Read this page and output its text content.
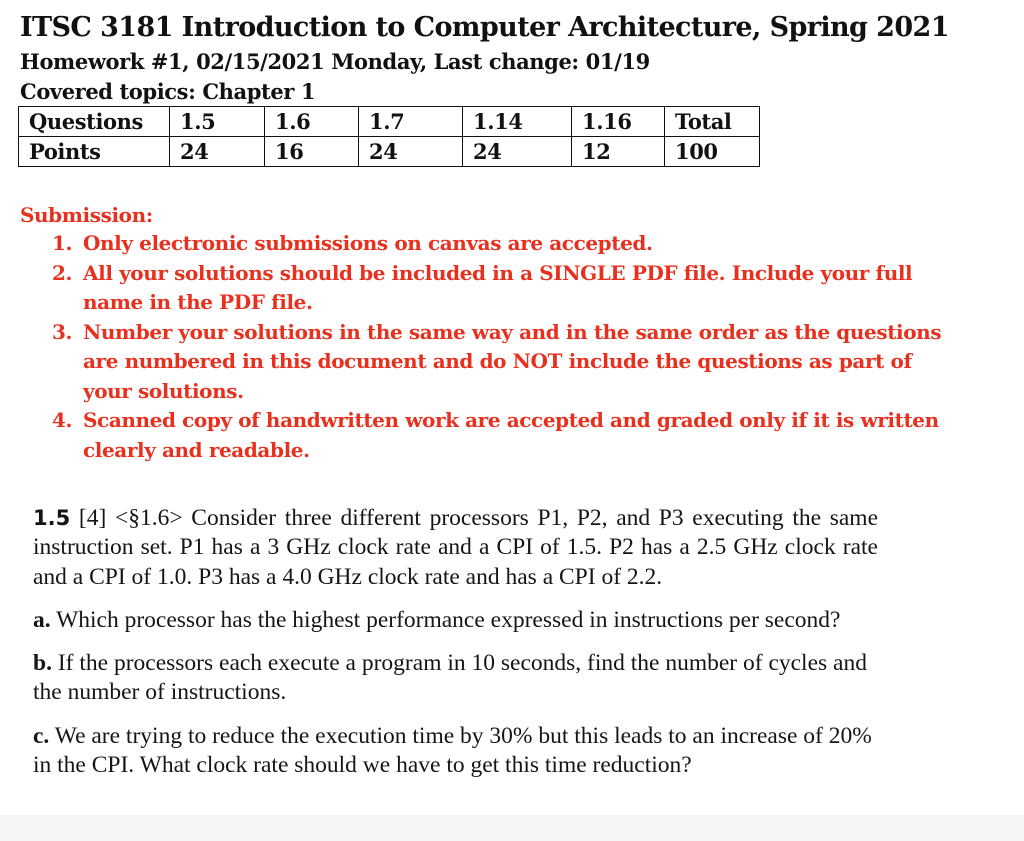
ITSC 3181 Introduction to Computer Architecture, Spring 2021
Homework #1, 02/15/2021 Monday, Last change: 01/19
Covered topics: Chapter 1
Questions	1.5	1.6	1.7	1.14	1.16	Total
Points	24	16	24	24	12	100
Submission:
1. Only electronic submissions on canvas are accepted.
2. All your solutions should be included in a SINGLE PDF file. Include your full name in the PDF file.
3. Number your solutions in the same way and in the same order as the questions are numbered in this document and do NOT include the questions as part of your solutions.
4. Scanned copy of handwritten work are accepted and graded only if it is written clearly and readable.

1.5 [4] <§1.6> Consider three different processors P1, P2, and P3 executing the same instruction set. P1 has a 3 GHz clock rate and a CPI of 1.5. P2 has a 2.5 GHz clock rate and a CPI of 1.0. P3 has a 4.0 GHz clock rate and has a CPI of 2.2.

a. Which processor has the highest performance expressed in instructions per second?

b. If the processors each execute a program in 10 seconds, find the number of cycles and the number of instructions.

c. We are trying to reduce the execution time by 30% but this leads to an increase of 20% in the CPI. What clock rate should we have to get this time reduction?
